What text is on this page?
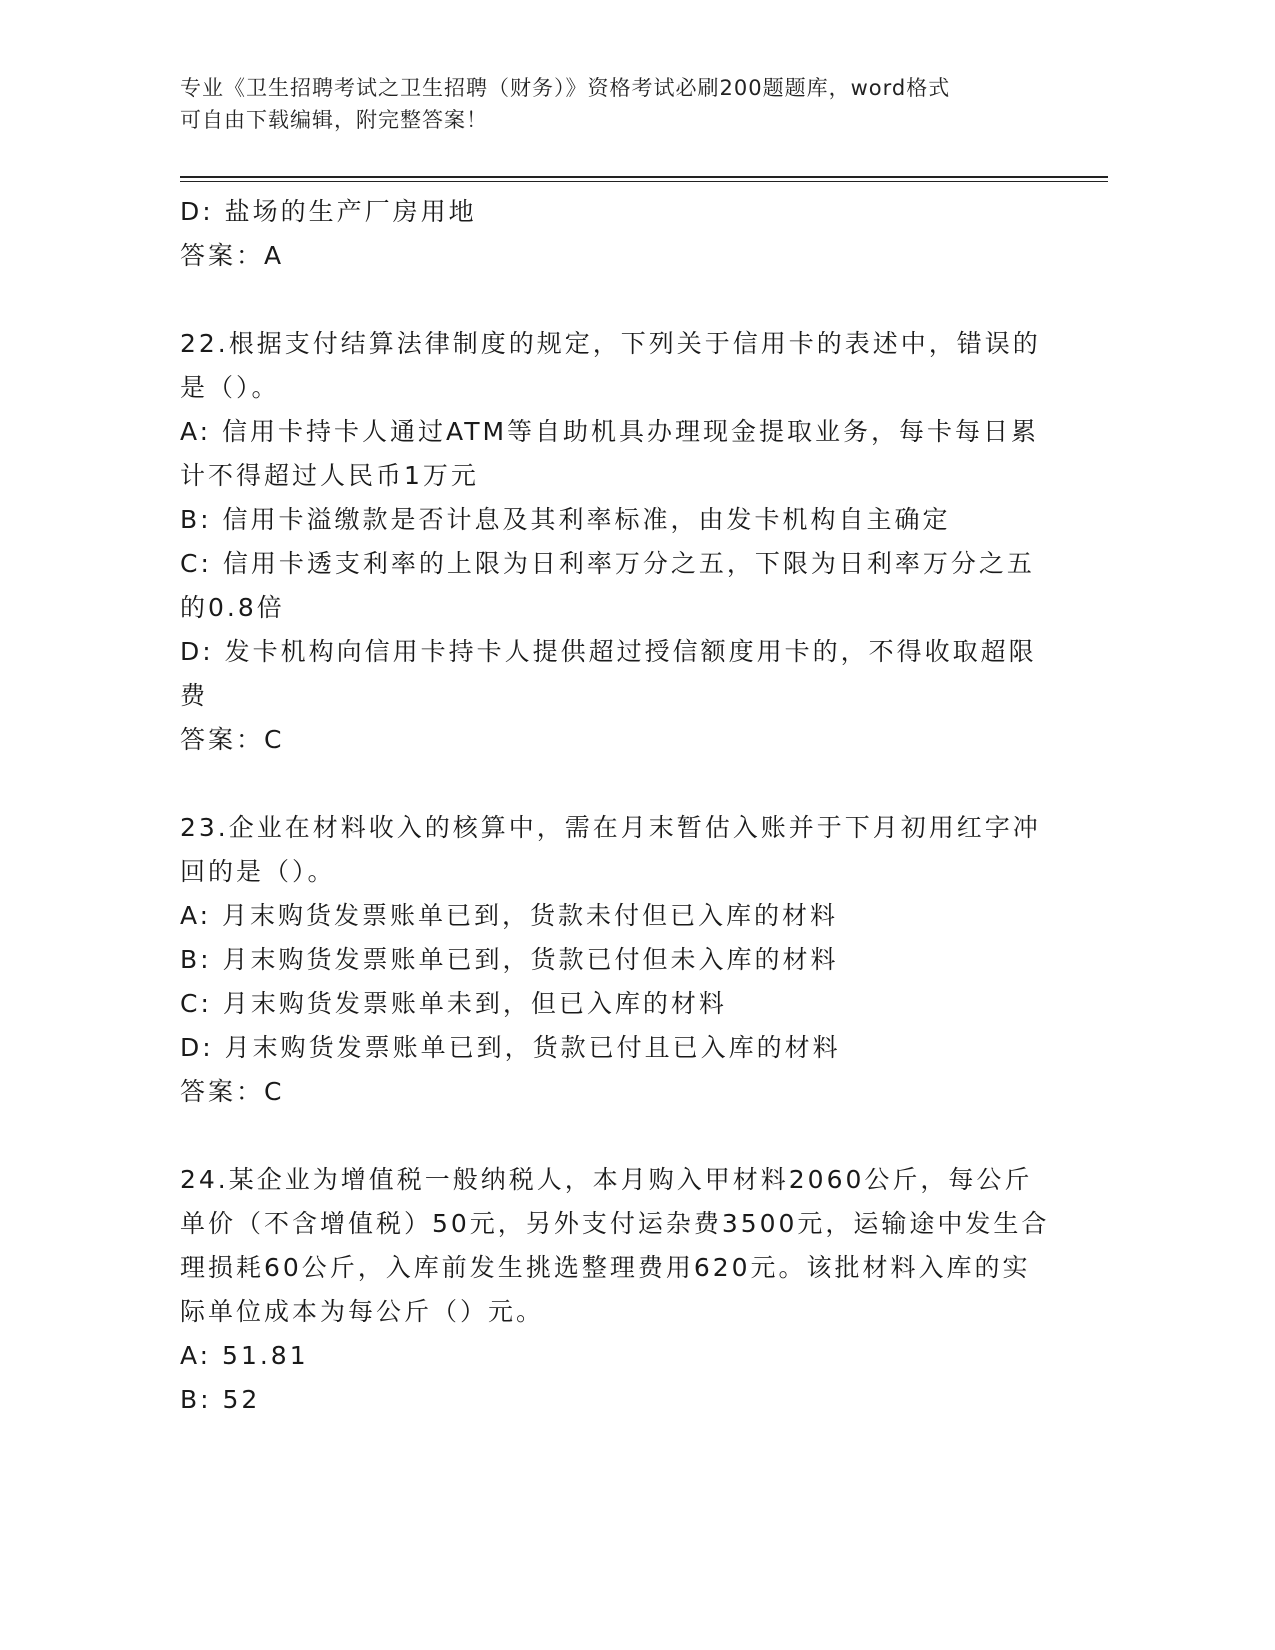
专业《卫生招聘考试之卫生招聘（财务）》资格考试必刷200题题库，word格式
可自由下载编辑，附完整答案！
D: 盐场的生产厂房用地
答案：A
22.根据支付结算法律制度的规定，下列关于信用卡的表述中，错误的
是（）。
A: 信用卡持卡人通过ATM等自助机具办理现金提取业务，每卡每日累
计不得超过人民币1万元
B: 信用卡溢缴款是否计息及其利率标准，由发卡机构自主确定
C: 信用卡透支利率的上限为日利率万分之五，下限为日利率万分之五
的0.8倍
D: 发卡机构向信用卡持卡人提供超过授信额度用卡的，不得收取超限
费
答案：C
23.企业在材料收入的核算中，需在月末暂估入账并于下月初用红字冲
回的是（）。
A: 月末购货发票账单已到，货款未付但已入库的材料
B: 月末购货发票账单已到，货款已付但未入库的材料
C: 月末购货发票账单未到，但已入库的材料
D: 月末购货发票账单已到，货款已付且已入库的材料
答案：C
24.某企业为增值税一般纳税人，本月购入甲材料2060公斤，每公斤
单价（不含增值税）50元，另外支付运杂费3500元，运输途中发生合
理损耗60公斤，入库前发生挑选整理费用620元。该批材料入库的实
际单位成本为每公斤（）元。
A: 51.81
B: 52
